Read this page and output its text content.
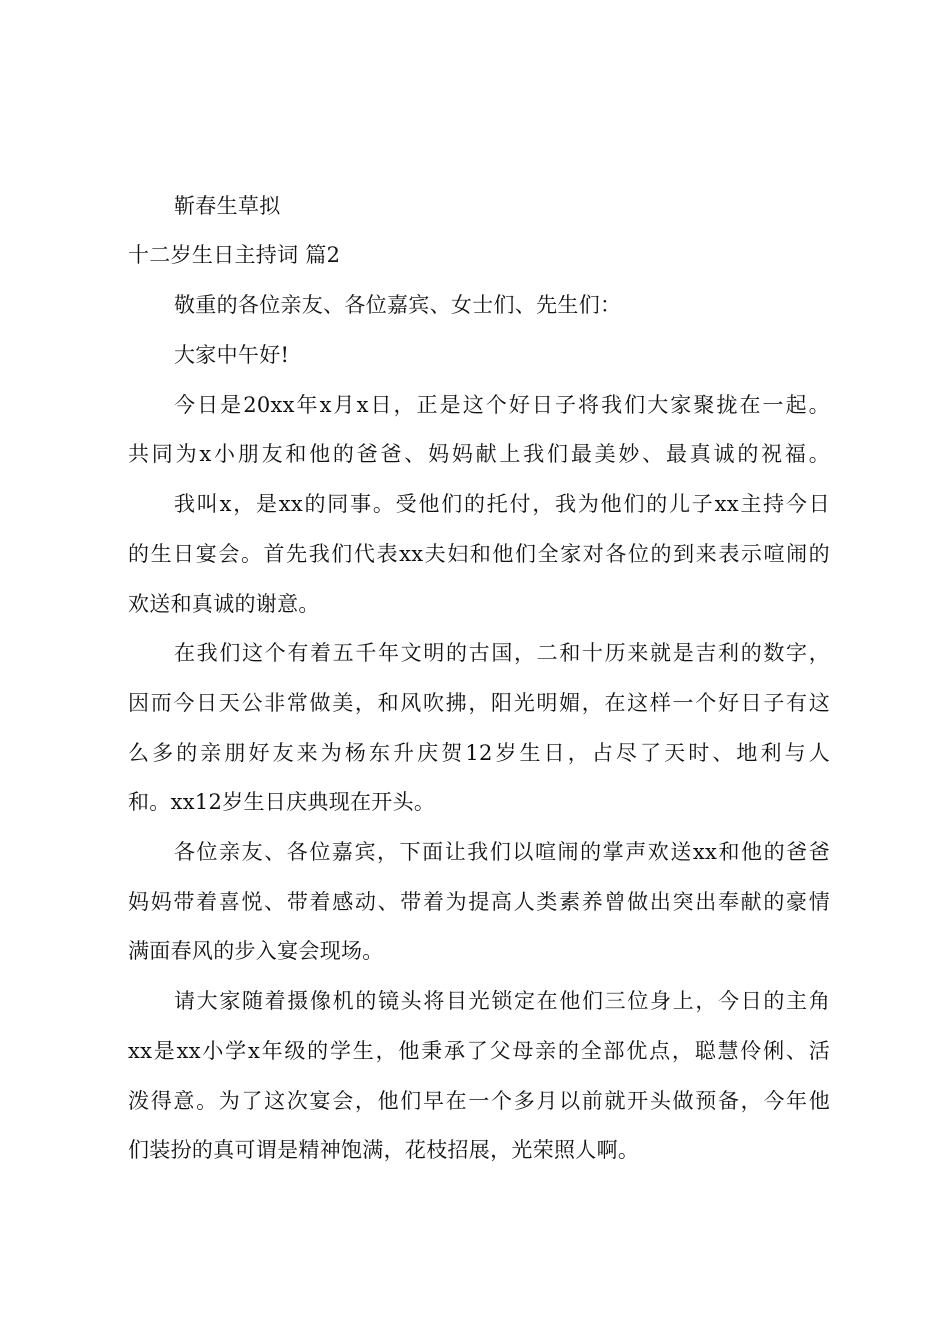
靳春生草拟
十二岁生日主持词 篇2
敬重的各位亲友、各位嘉宾、女士们、先生们：
大家中午好!
今日是20xx年x月x日，正是这个好日子将我们大家聚拢在一起。
共同为x小朋友和他的爸爸、妈妈献上我们最美妙、最真诚的祝福。
我叫x，是xx的同事。受他们的托付，我为他们的儿子xx主持今日
的生日宴会。首先我们代表xx夫妇和他们全家对各位的到来表示喧闹的
欢送和真诚的谢意。
在我们这个有着五千年文明的古国，二和十历来就是吉利的数字，
因而今日天公非常做美，和风吹拂，阳光明媚，在这样一个好日子有这
么多的亲朋好友来为杨东升庆贺12岁生日，占尽了天时、地利与人
和。xx12岁生日庆典现在开头。
各位亲友、各位嘉宾，下面让我们以喧闹的掌声欢送xx和他的爸爸
妈妈带着喜悦、带着感动、带着为提高人类素养曾做出突出奉献的豪情
满面春风的步入宴会现场。
请大家随着摄像机的镜头将目光锁定在他们三位身上，今日的主角
xx是xx小学x年级的学生，他秉承了父母亲的全部优点，聪慧伶俐、活
泼得意。为了这次宴会，他们早在一个多月以前就开头做预备，今年他
们装扮的真可谓是精神饱满，花枝招展，光荣照人啊。
